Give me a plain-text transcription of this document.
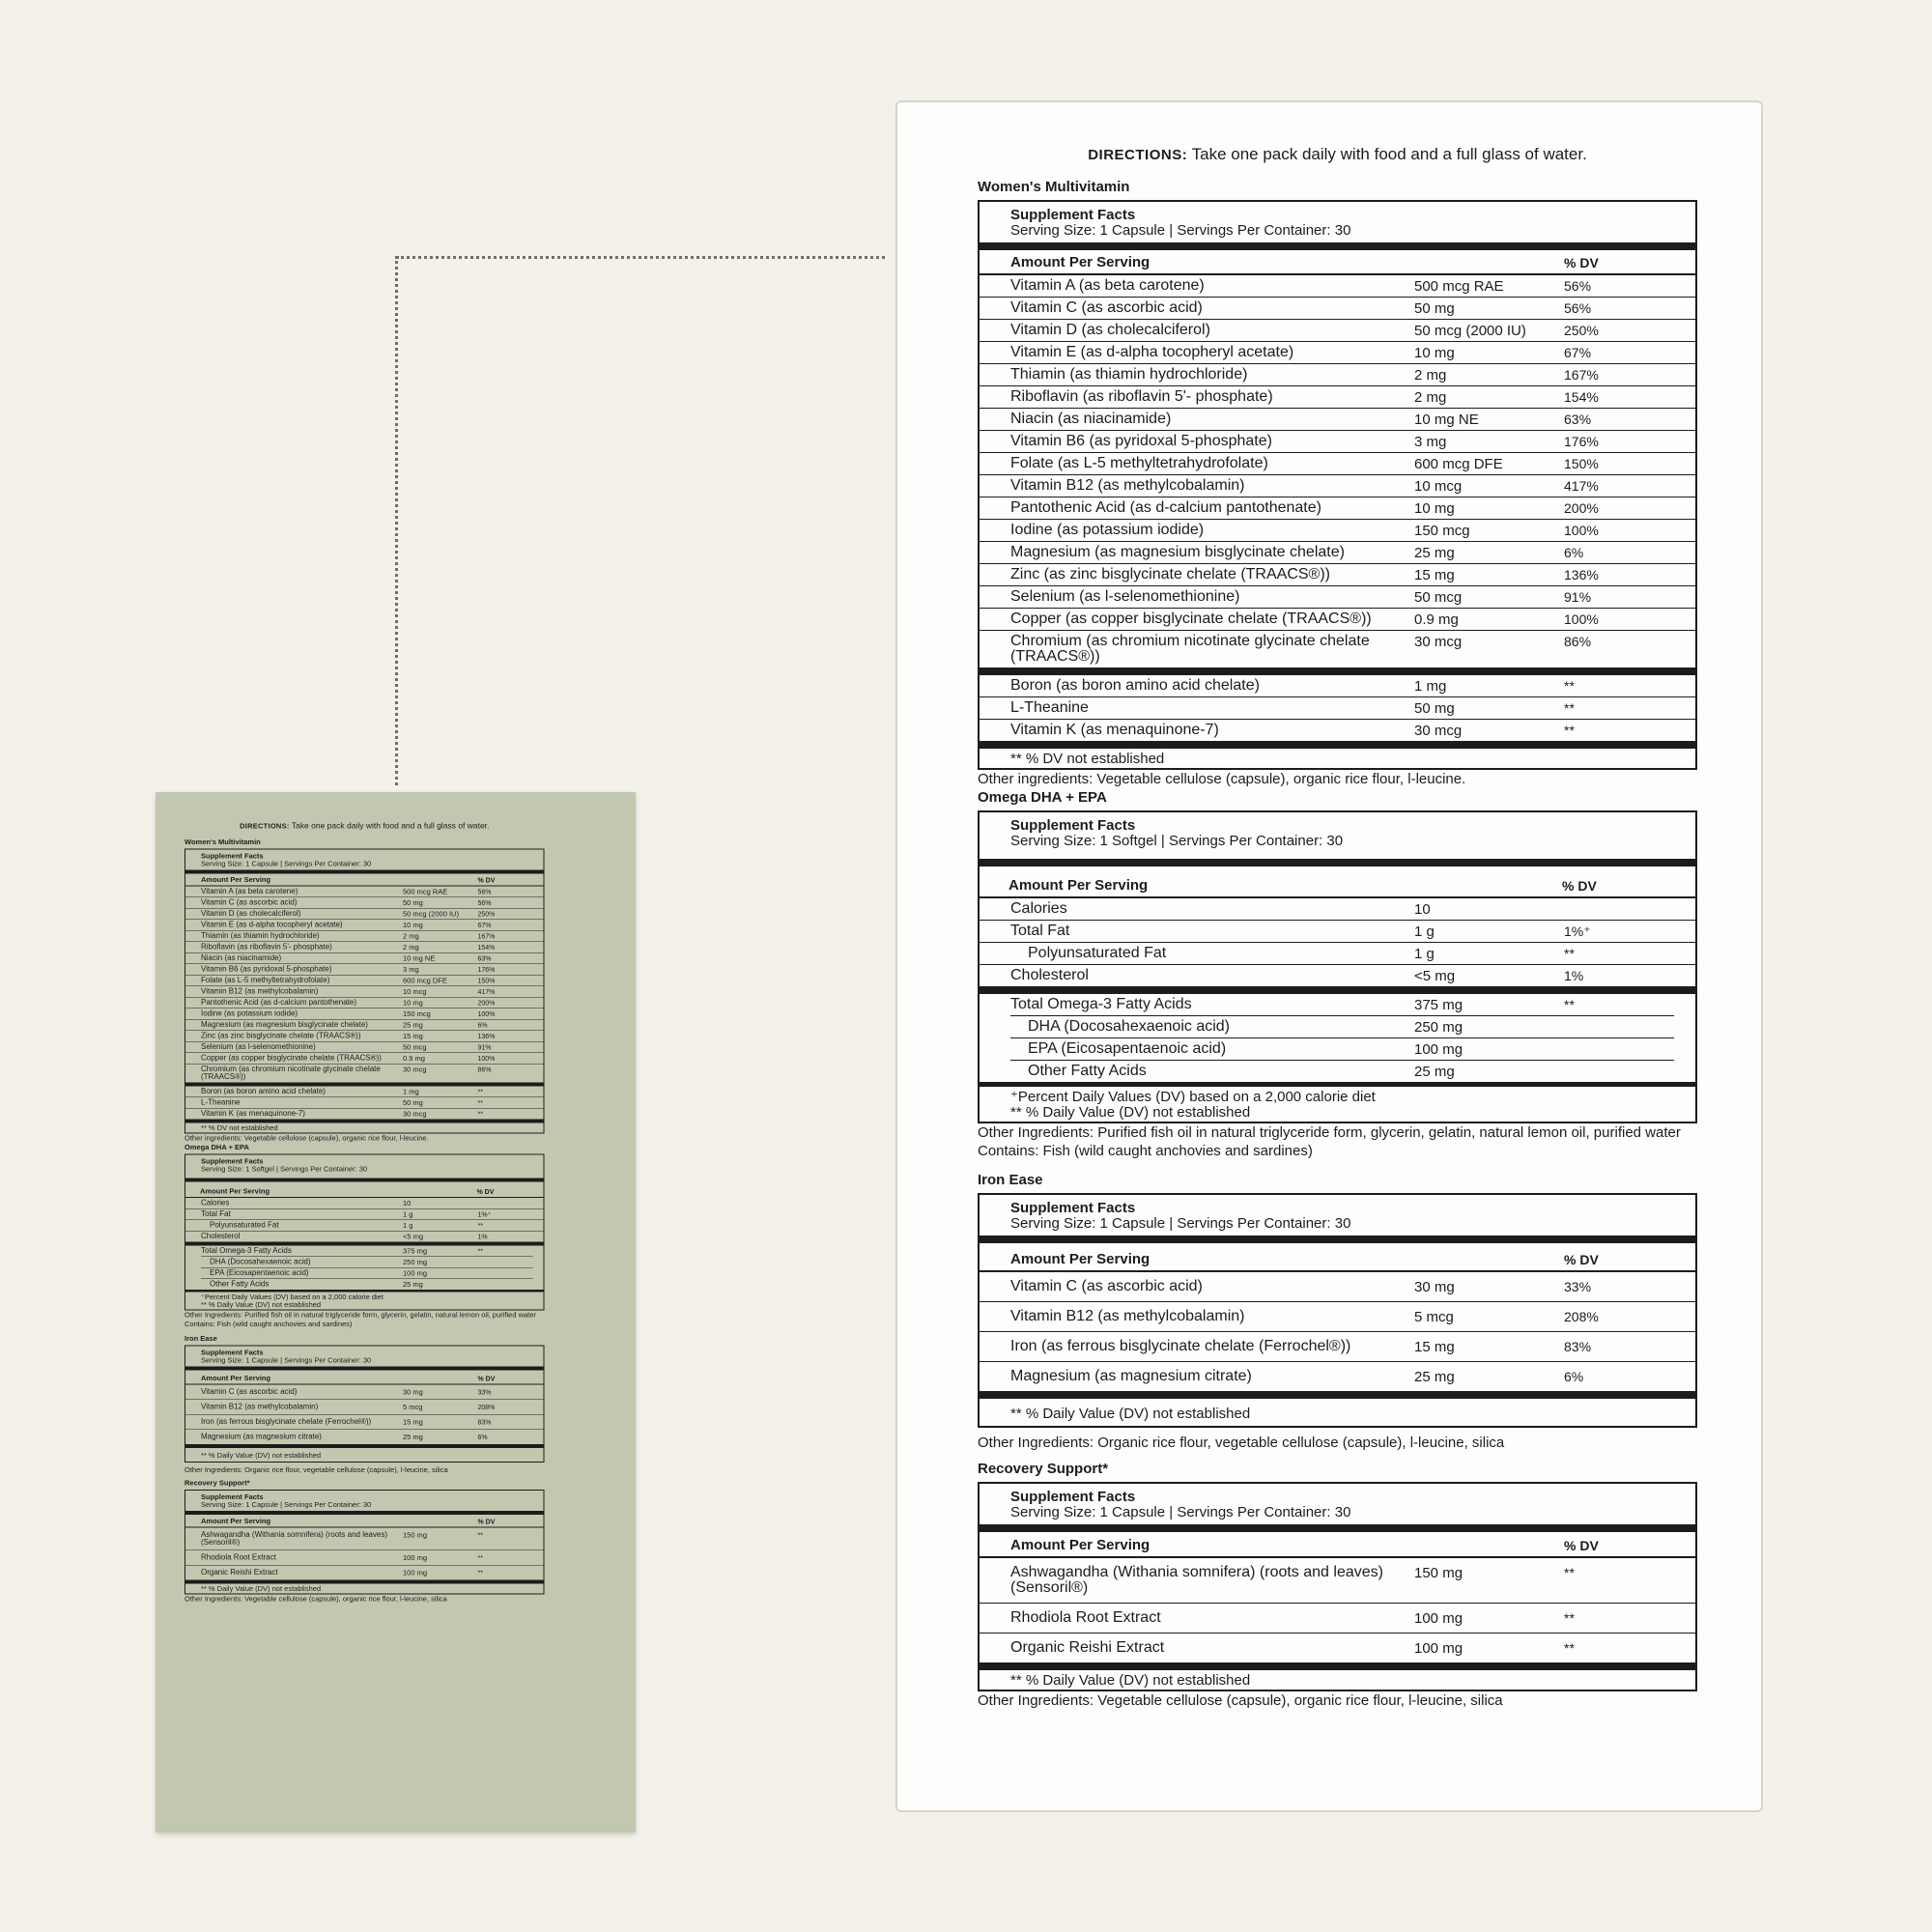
DIRECTIONS: Take one pack daily with food and a full glass of water.

Women's Multivitamin
Supplement Facts
Serving Size: 1 Capsule | Servings Per Container: 30
Amount Per Serving	% DV
Vitamin A (as beta carotene)	500 mcg RAE	56%
Vitamin C (as ascorbic acid)	50 mg	56%
Vitamin D (as cholecalciferol)	50 mcg (2000 IU)	250%
Vitamin E (as d-alpha tocopheryl acetate)	10 mg	67%
Thiamin (as thiamin hydrochloride)	2 mg	167%
Riboflavin (as riboflavin 5'- phosphate)	2 mg	154%
Niacin (as niacinamide)	10 mg NE	63%
Vitamin B6 (as pyridoxal 5-phosphate)	3 mg	176%
Folate (as L-5 methyltetrahydrofolate)	600 mcg DFE	150%
Vitamin B12 (as methylcobalamin)	10 mcg	417%
Pantothenic Acid (as d-calcium pantothenate)	10 mg	200%
Iodine (as potassium iodide)	150 mcg	100%
Magnesium (as magnesium bisglycinate chelate)	25 mg	6%
Zinc (as zinc bisglycinate chelate (TRAACS®))	15 mg	136%
Selenium (as l-selenomethionine)	50 mcg	91%
Copper (as copper bisglycinate chelate (TRAACS®))	0.9 mg	100%
Chromium (as chromium nicotinate glycinate chelate (TRAACS®))
30 mcg	86%
Boron (as boron amino acid chelate)	1 mg	**
L-Theanine	50 mg	**
Vitamin K (as menaquinone-7)	30 mcg	**
** % DV not established
Other ingredients: Vegetable cellulose (capsule), organic rice flour, l-leucine.
Omega DHA + EPA
Supplement Facts
Serving Size: 1 Softgel | Servings Per Container: 30
Amount Per Serving	% DV
Calories	10
Total Fat	1 g	1%⁺
Polyunsaturated Fat	1 g	**
Cholesterol	<5 mg	1%
Total Omega-3 Fatty Acids	375 mg	**
DHA (Docosahexaenoic acid)	250 mg
EPA (Eicosapentaenoic acid)	100 mg
Other Fatty Acids	25 mg
⁺Percent Daily Values (DV) based on a 2,000 calorie diet
** % Daily Value (DV) not established
Other Ingredients: Purified fish oil in natural triglyceride form, glycerin, gelatin, natural lemon oil, purified water
Contains: Fish (wild caught anchovies and sardines)
Iron Ease
Supplement Facts
Serving Size: 1 Capsule | Servings Per Container: 30
Amount Per Serving	% DV
Vitamin C (as ascorbic acid)	30 mg	33%
Vitamin B12 (as methylcobalamin)	5 mcg	208%
Iron (as ferrous bisglycinate chelate (Ferrochel®))	15 mg	83%
Magnesium (as magnesium citrate)	25 mg	6%
** % Daily Value (DV) not established
Other Ingredients: Organic rice flour, vegetable cellulose (capsule), l-leucine, silica
Recovery Support*
Supplement Facts
Serving Size: 1 Capsule | Servings Per Container: 30
Amount Per Serving	% DV
Ashwagandha (Withania somnifera) (roots and leaves) (Sensoril®)
150 mg	**
Rhodiola Root Extract	100 mg	**
Organic Reishi Extract	100 mg	**
** % Daily Value (DV) not established
Other Ingredients: Vegetable cellulose (capsule), organic rice flour, l-leucine, silica

DIRECTIONS: Take one pack daily with food and a full glass of water.

Women's Multivitamin
Supplement Facts
Serving Size: 1 Capsule | Servings Per Container: 30
Amount Per Serving	% DV
Vitamin A (as beta carotene)	500 mcg RAE	56%
Vitamin C (as ascorbic acid)	50 mg	56%
Vitamin D (as cholecalciferol)	50 mcg (2000 IU)	250%
Vitamin E (as d-alpha tocopheryl acetate)	10 mg	67%
Thiamin (as thiamin hydrochloride)	2 mg	167%
Riboflavin (as riboflavin 5'- phosphate)	2 mg	154%
Niacin (as niacinamide)	10 mg NE	63%
Vitamin B6 (as pyridoxal 5-phosphate)	3 mg	176%
Folate (as L-5 methyltetrahydrofolate)	600 mcg DFE	150%
Vitamin B12 (as methylcobalamin)	10 mcg	417%
Pantothenic Acid (as d-calcium pantothenate)	10 mg	200%
Iodine (as potassium iodide)	150 mcg	100%
Magnesium (as magnesium bisglycinate chelate)	25 mg	6%
Zinc (as zinc bisglycinate chelate (TRAACS®))	15 mg	136%
Selenium (as l-selenomethionine)	50 mcg	91%
Copper (as copper bisglycinate chelate (TRAACS®))	0.9 mg	100%
Chromium (as chromium nicotinate glycinate chelate (TRAACS®))
30 mcg	86%
Boron (as boron amino acid chelate)	1 mg	**
L-Theanine	50 mg	**
Vitamin K (as menaquinone-7)	30 mcg	**
** % DV not established
Other ingredients: Vegetable cellulose (capsule), organic rice flour, l-leucine.
Omega DHA + EPA
Supplement Facts
Serving Size: 1 Softgel | Servings Per Container: 30
Amount Per Serving	% DV
Calories	10
Total Fat	1 g	1%⁺
Polyunsaturated Fat	1 g	**
Cholesterol	<5 mg	1%
Total Omega-3 Fatty Acids	375 mg	**
DHA (Docosahexaenoic acid)	250 mg
EPA (Eicosapentaenoic acid)	100 mg
Other Fatty Acids	25 mg
⁺Percent Daily Values (DV) based on a 2,000 calorie diet
** % Daily Value (DV) not established
Other Ingredients: Purified fish oil in natural triglyceride form, glycerin, gelatin, natural lemon oil, purified water
Contains: Fish (wild caught anchovies and sardines)
Iron Ease
Supplement Facts
Serving Size: 1 Capsule | Servings Per Container: 30
Amount Per Serving	% DV
Vitamin C (as ascorbic acid)	30 mg	33%
Vitamin B12 (as methylcobalamin)	5 mcg	208%
Iron (as ferrous bisglycinate chelate (Ferrochel®))	15 mg	83%
Magnesium (as magnesium citrate)	25 mg	6%
** % Daily Value (DV) not established
Other Ingredients: Organic rice flour, vegetable cellulose (capsule), l-leucine, silica
Recovery Support*
Supplement Facts
Serving Size: 1 Capsule | Servings Per Container: 30
Amount Per Serving	% DV
Ashwagandha (Withania somnifera) (roots and leaves) (Sensoril®)
150 mg	**
Rhodiola Root Extract	100 mg	**
Organic Reishi Extract	100 mg	**
** % Daily Value (DV) not established
Other Ingredients: Vegetable cellulose (capsule), organic rice flour, l-leucine, silica
